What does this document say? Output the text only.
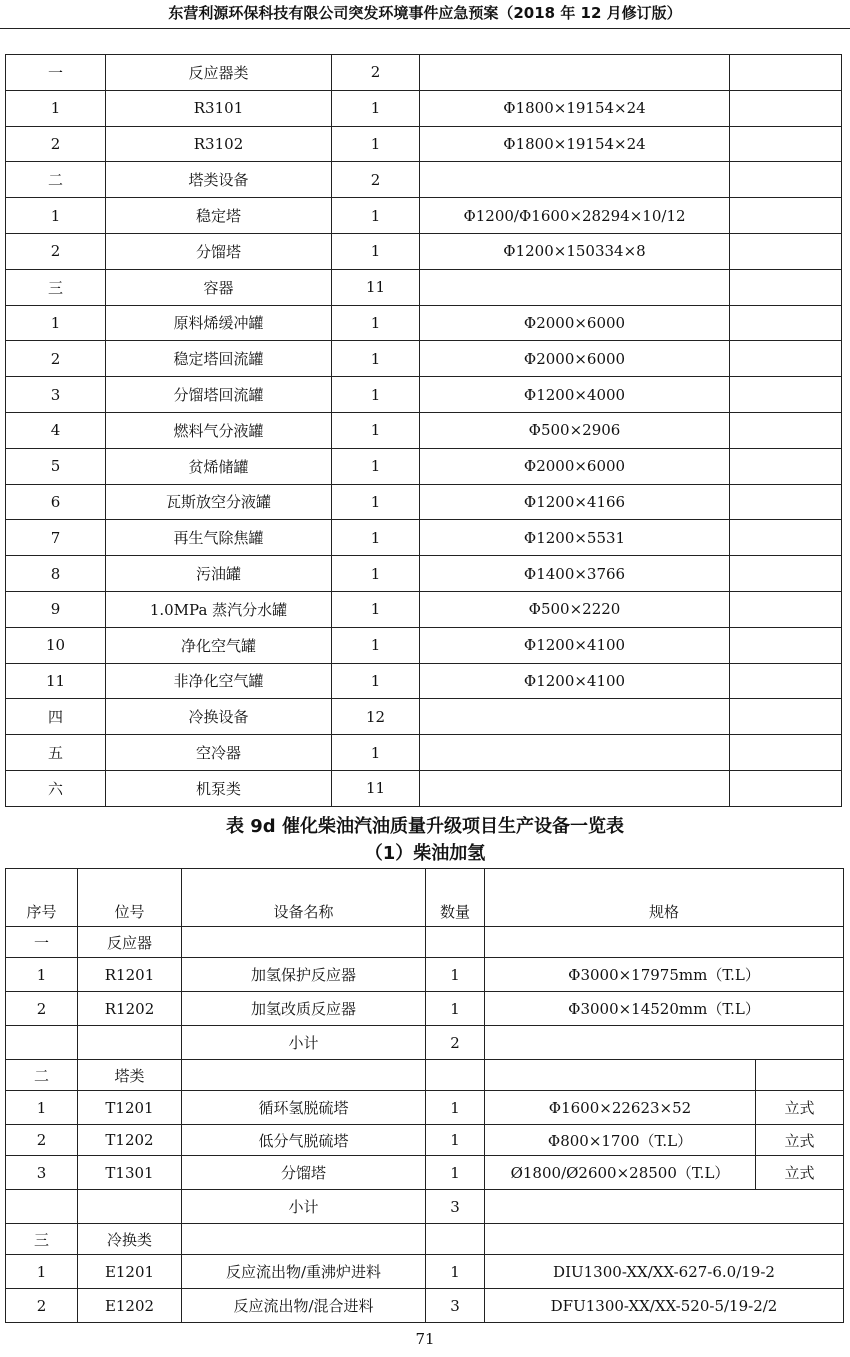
东营利源环保科技有限公司突发环境事件应急预案（2018 年 12 月修订版）
一	反应器类	2		
1	R3101	1	Φ1800×19154×24	
2	R3102	1	Φ1800×19154×24	
二	塔类设备	2		
1	稳定塔	1	Φ1200/Φ1600×28294×10/12	
2	分馏塔	1	Φ1200×150334×8	
三	容器	11		
1	原料烯缓冲罐	1	Φ2000×6000	
2	稳定塔回流罐	1	Φ2000×6000	
3	分馏塔回流罐	1	Φ1200×4000	
4	燃料气分液罐	1	Φ500×2906	
5	贫烯储罐	1	Φ2000×6000	
6	瓦斯放空分液罐	1	Φ1200×4166	
7	再生气除焦罐	1	Φ1200×5531	
8	污油罐	1	Φ1400×3766	
9	1.0MPa 蒸汽分水罐	1	Φ500×2220	
10	净化空气罐	1	Φ1200×4100	
11	非净化空气罐	1	Φ1200×4100	
四	冷换设备	12		
五	空冷器	1		
六	机泵类	11		
表 9d 催化柴油汽油质量升级项目生产设备一览表
（1）柴油加氢
序号	位号	设备名称	数量	规格	
一	反应器				
1	R1201	加氢保护反应器	1	Φ3000×17975mm（T.L）	
2	R1202	加氢改质反应器	1	Φ3000×14520mm（T.L）	
		小计	2		
二	塔类				
1	T1201	循环氢脱硫塔	1	Φ1600×22623×52	立式
2	T1202	低分气脱硫塔	1	Φ800×1700（T.L）	立式
3	T1301	分馏塔	1	Ø1800/Ø2600×28500（T.L）	立式
		小计	3		
三	冷换类				
1	E1201	反应流出物/重沸炉进料	1	DIU1300-XX/XX-627-6.0/19-2	
2	E1202	反应流出物/混合进料	3	DFU1300-XX/XX-520-5/19-2/2	
71
